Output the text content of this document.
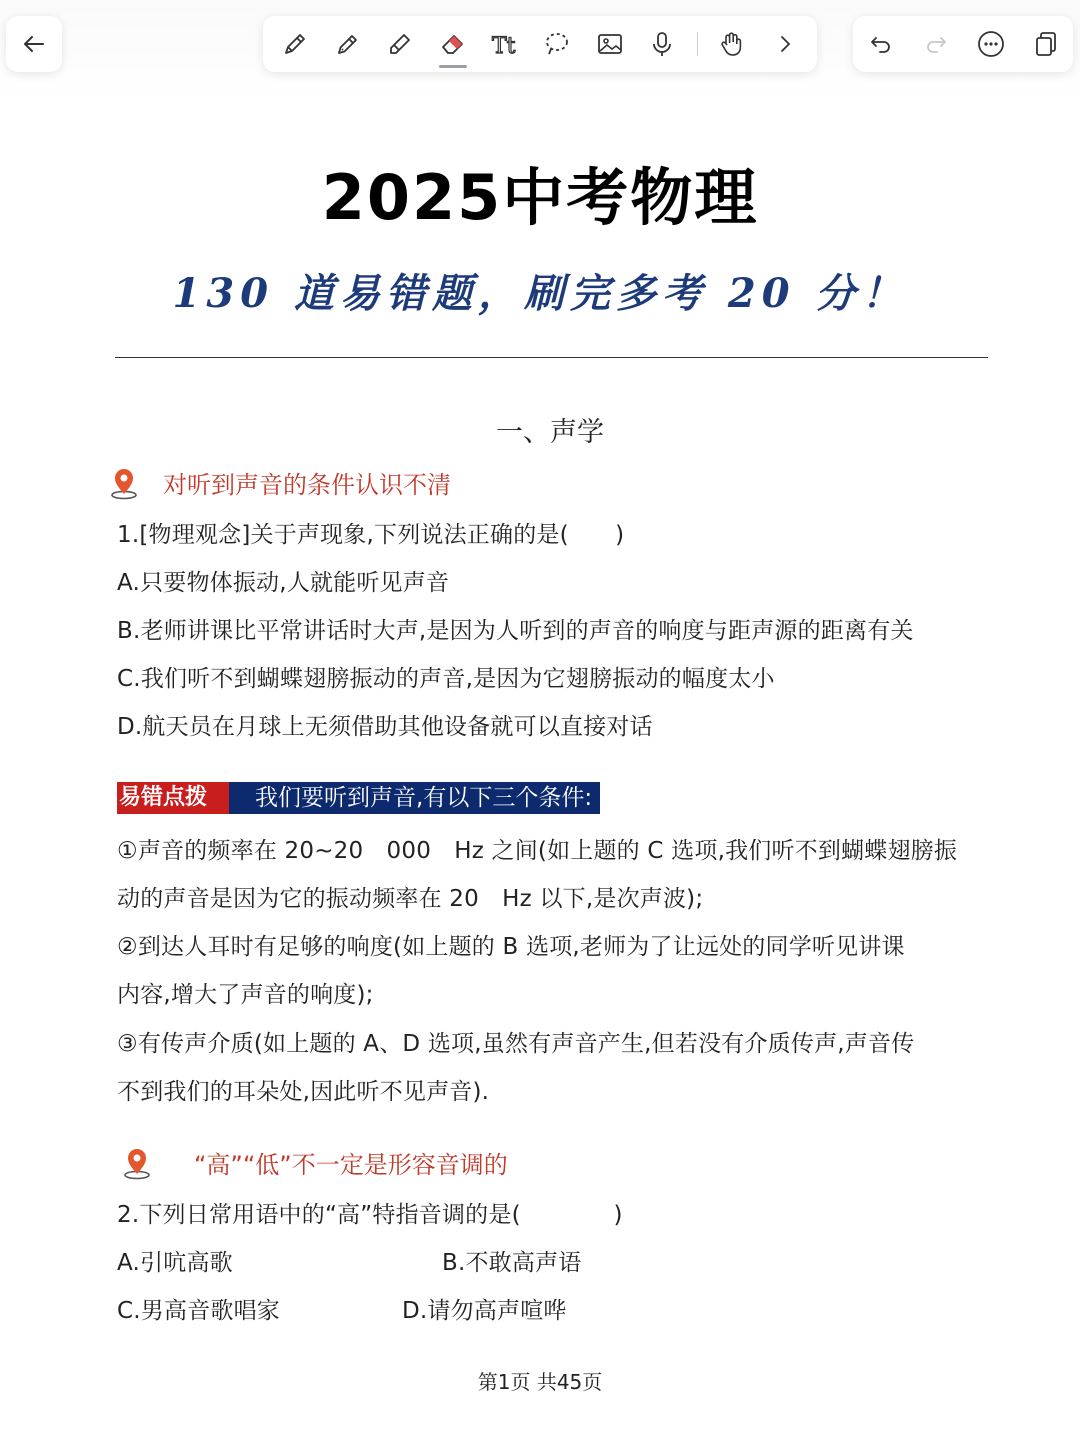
Tt
2025中考物理
130 道易错题，刷完多考 20 分！
一、声学
对听到声音的条件认识不清
1.[物理观念]关于声现象,下列说法正确的是(　　)
A.只要物体振动,人就能听见声音
B.老师讲课比平常讲话时大声,是因为人听到的声音的响度与距声源的距离有关
C.我们听不到蝴蝶翅膀振动的声音,是因为它翅膀振动的幅度太小
D.航天员在月球上无须借助其他设备就可以直接对话
易错点拨	我们要听到声音,有以下三个条件:
①声音的频率在 20~20　000　Hz 之间(如上题的 C 选项,我们听不到蝴蝶翅膀振
动的声音是因为它的振动频率在 20　Hz 以下,是次声波);
②到达人耳时有足够的响度(如上题的 B 选项,老师为了让远处的同学听见讲课
内容,增大了声音的响度);
③有传声介质(如上题的 A、D 选项,虽然有声音产生,但若没有介质传声,声音传
不到我们的耳朵处,因此听不见声音).
“高”“低”不一定是形容音调的
2.下列日常用语中的“高”特指音调的是(　　　　)
A.引吭高歌	B.不敢高声语
C.男高音歌唱家	D.请勿高声喧哗
第1页 共45页
